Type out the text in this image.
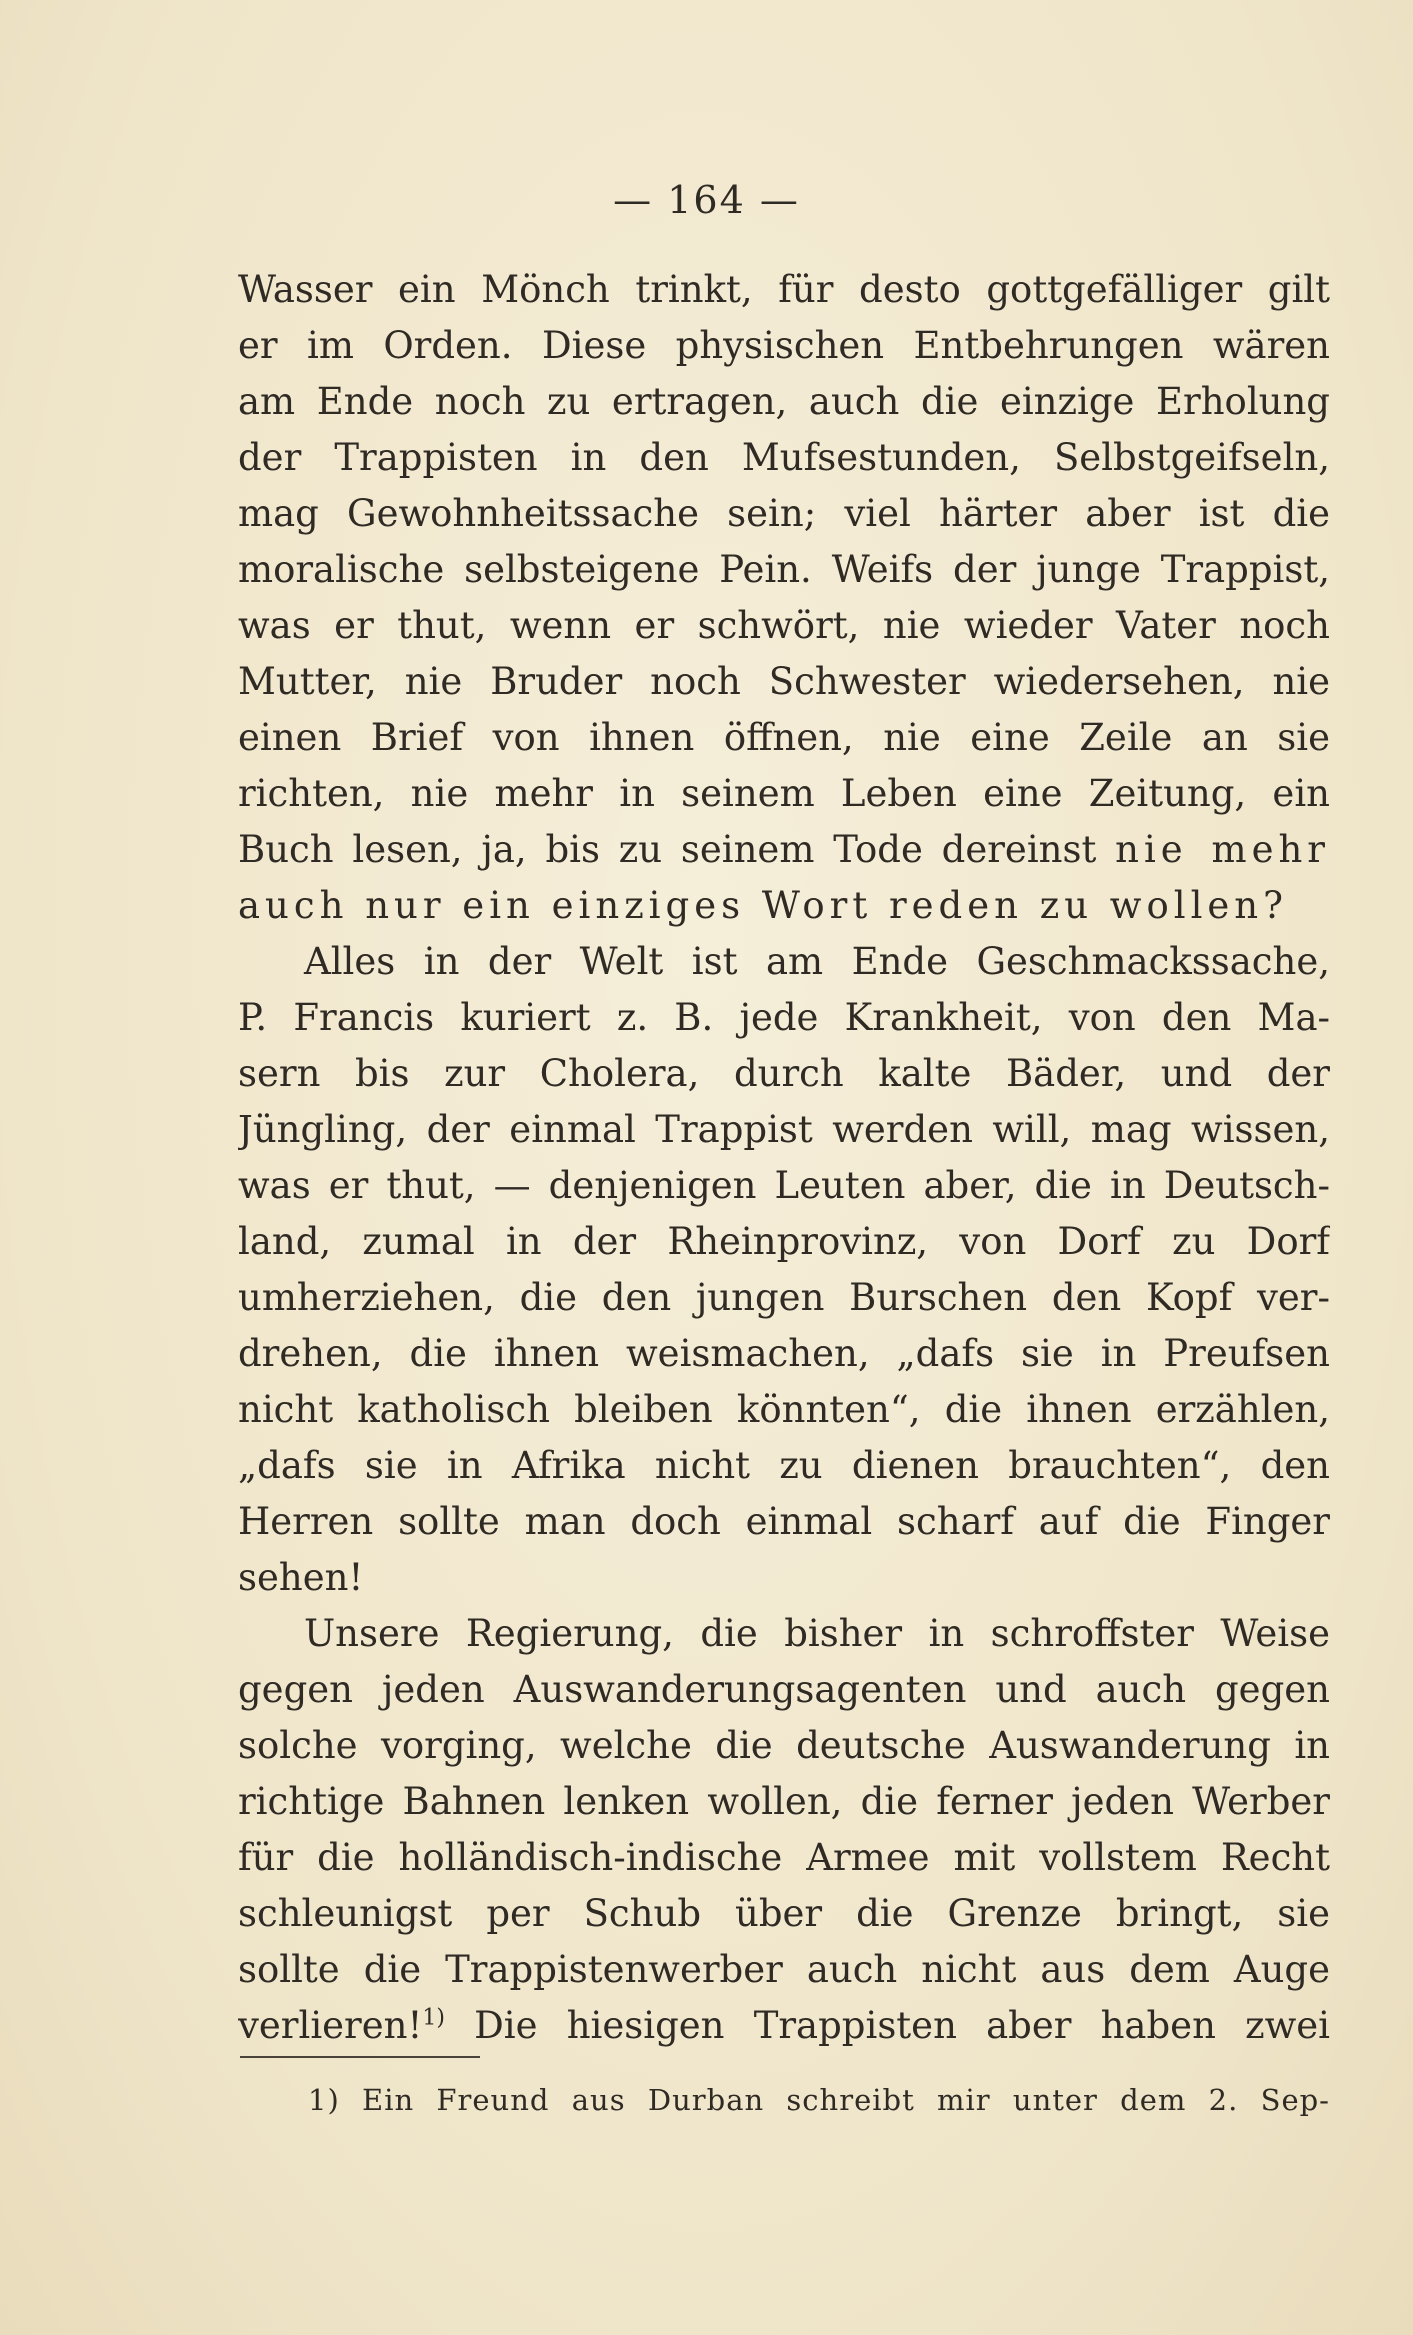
— 164 —
Wasser ein Mönch trinkt, für desto gottgefälliger gilt
er im Orden. Diese physischen Entbehrungen wären
am Ende noch zu ertragen, auch die einzige Erholung
der Trappisten in den Mufsestunden, Selbstgeifseln,
mag Gewohnheitssache sein; viel härter aber ist die
moralische selbsteigene Pein. Weifs der junge Trappist,
was er thut, wenn er schwört, nie wieder Vater noch
Mutter, nie Bruder noch Schwester wiedersehen, nie
einen Brief von ihnen öffnen, nie eine Zeile an sie
richten, nie mehr in seinem Leben eine Zeitung, ein
Buch lesen, ja, bis zu seinem Tode dereinst nie mehr
auch nur ein einziges Wort reden zu wollen?
Alles in der Welt ist am Ende Geschmackssache,
P. Francis kuriert z. B. jede Krankheit, von den Ma-
sern bis zur Cholera, durch kalte Bäder, und der
Jüngling, der einmal Trappist werden will, mag wissen,
was er thut, — denjenigen Leuten aber, die in Deutsch-
land, zumal in der Rheinprovinz, von Dorf zu Dorf
umherziehen, die den jungen Burschen den Kopf ver-
drehen, die ihnen weismachen, „dafs sie in Preufsen
nicht katholisch bleiben könnten“, die ihnen erzählen,
„dafs sie in Afrika nicht zu dienen brauchten“, den
Herren sollte man doch einmal scharf auf die Finger
sehen!
Unsere Regierung, die bisher in schroffster Weise
gegen jeden Auswanderungsagenten und auch gegen
solche vorging, welche die deutsche Auswanderung in
richtige Bahnen lenken wollen, die ferner jeden Werber
für die holländisch-indische Armee mit vollstem Recht
schleunigst per Schub über die Grenze bringt, sie
sollte die Trappistenwerber auch nicht aus dem Auge
verlieren!$^{1)}$ Die hiesigen Trappisten aber haben zwei
1) Ein Freund aus Durban schreibt mir unter dem 2. Sep-
